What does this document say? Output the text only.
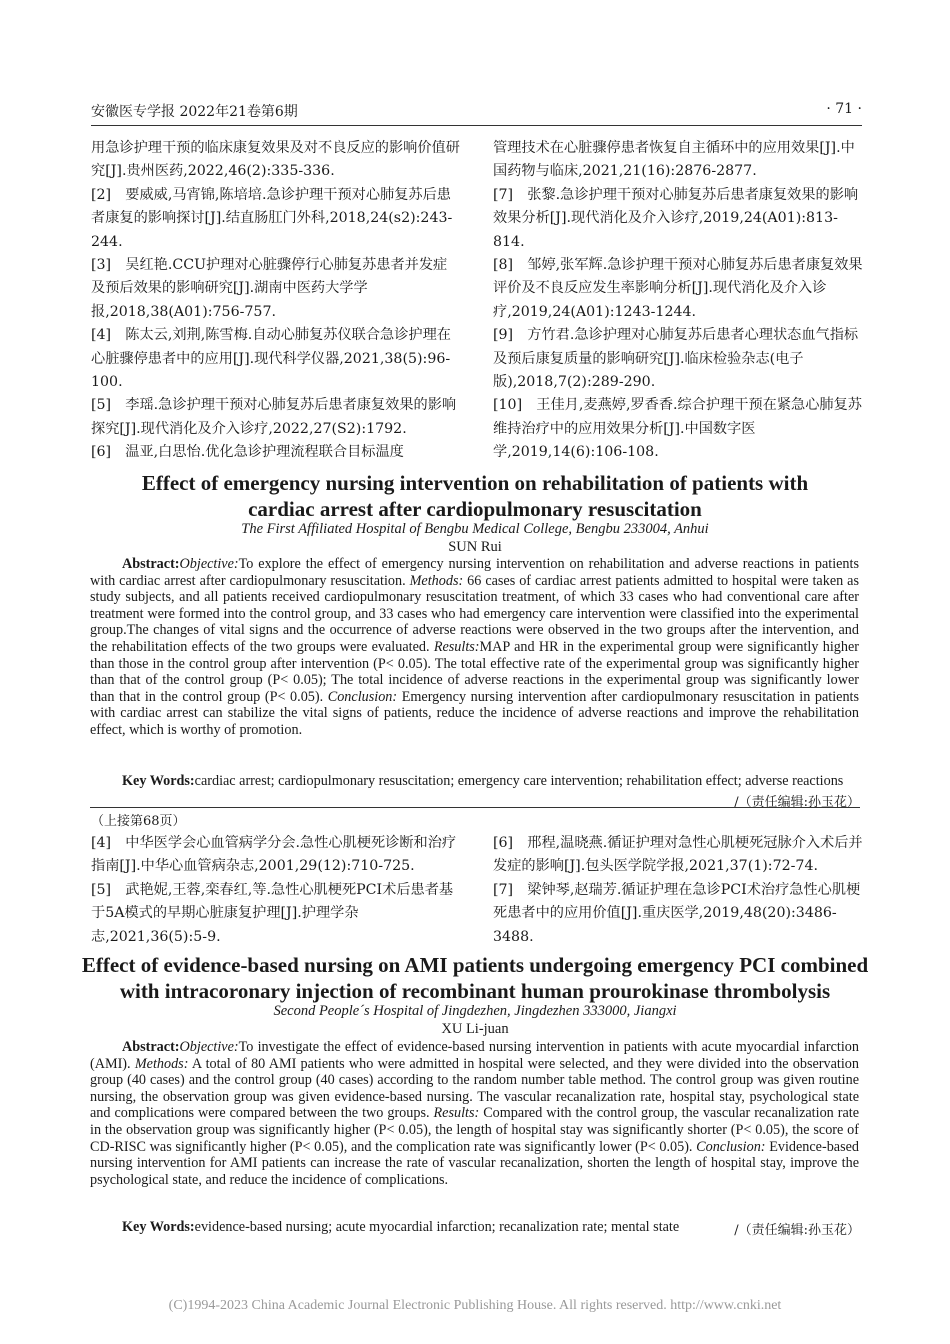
安徽医专学报 2022年21卷第6期	· 71 ·
用急诊护理干预的临床康复效果及对不良反应的影响价值研究[J].贵州医药,2022,46(2):335-336.
[2]　要威威,马宵锦,陈培培.急诊护理干预对心肺复苏后患者康复的影响探讨[J].结直肠肛门外科,2018,24(s2):243-244.
[3]　吴红艳.CCU护理对心脏骤停行心肺复苏患者并发症及预后效果的影响研究[J].湖南中医药大学学报,2018,38(A01):756-757.
[4]　陈太云,刘荆,陈雪梅.自动心肺复苏仪联合急诊护理在心脏骤停患者中的应用[J].现代科学仪器,2021,38(5):96-100.
[5]　李瑶.急诊护理干预对心肺复苏后患者康复效果的影响探究[J].现代消化及介入诊疗,2022,27(S2):1792.
[6]　温亚,白思怡.优化急诊护理流程联合目标温度
管理技术在心脏骤停患者恢复自主循环中的应用效果[J].中国药物与临床,2021,21(16):2876-2877.
[7]　张黎.急诊护理干预对心肺复苏后患者康复效果的影响效果分析[J].现代消化及介入诊疗,2019,24(A01):813-814.
[8]　邹婷,张军辉.急诊护理干预对心肺复苏后患者康复效果评价及不良反应发生率影响分析[J].现代消化及介入诊疗,2019,24(A01):1243-1244.
[9]　方竹君.急诊护理对心肺复苏后患者心理状态血气指标及预后康复质量的影响研究[J].临床检验杂志(电子版),2018,7(2):289-290.
[10]　王佳月,麦燕婷,罗香香.综合护理干预在紧急心肺复苏维持治疗中的应用效果分析[J].中国数字医学,2019,14(6):106-108.
Effect of emergency nursing intervention on rehabilitation of patients with
cardiac arrest after cardiopulmonary resuscitation
The First Affiliated Hospital of Bengbu Medical College, Bengbu 233004, Anhui
SUN Rui
Abstract:Objective:To explore the effect of emergency nursing intervention on rehabilitation and adverse reactions in patients with cardiac arrest after cardiopulmonary resuscitation. Methods: 66 cases of cardiac arrest patients admitted to hospital were taken as study subjects, and all patients received cardiopulmonary resuscitation treatment, of which 33 cases who had conventional care after treatment were formed into the control group, and 33 cases who had emergency care intervention were classified into the experimental group.The changes of vital signs and the occurrence of adverse reactions were observed in the two groups after the intervention, and the rehabilitation effects of the two groups were evaluated. Results:MAP and HR in the experimental group were significantly higher than those in the control group after intervention (P< 0.05). The total effective rate of the experimental group was significantly higher than that of the control group (P< 0.05); The total incidence of adverse reactions in the experimental group was significantly lower than that in the control group (P< 0.05). Conclusion: Emergency nursing intervention after cardiopulmonary resuscitation in patients with cardiac arrest can stabilize the vital signs of patients, reduce the incidence of adverse reactions and improve the rehabilitation effect, which is worthy of promotion.
Key Words:cardiac arrest; cardiopulmonary resuscitation; emergency care intervention; rehabilitation effect; adverse reactions
/（责任编辑:孙玉花）
（上接第68页）
[4]　中华医学会心血管病学分会.急性心肌梗死诊断和治疗指南[J].中华心血管病杂志,2001,29(12):710-725.
[5]　武艳妮,王蓉,栾春红,等.急性心肌梗死PCI术后患者基于5A模式的早期心脏康复护理[J].护理学杂志,2021,36(5):5-9.
[6]　邢程,温晓燕.循证护理对急性心肌梗死冠脉介入术后并发症的影响[J].包头医学院学报,2021,37(1):72-74.
[7]　梁钟琴,赵瑞芳.循证护理在急诊PCI术治疗急性心肌梗死患者中的应用价值[J].重庆医学,2019,48(20):3486-3488.
Effect of evidence-based nursing on AMI patients undergoing emergency PCI combined
with intracoronary injection of recombinant human prourokinase thrombolysis
Second People´s Hospital of Jingdezhen, Jingdezhen 333000, Jiangxi
XU Li-juan
Abstract:Objective:To investigate the effect of evidence-based nursing intervention in patients with acute myocardial infarction (AMI). Methods: A total of 80 AMI patients who were admitted in hospital were selected, and they were divided into the observation group (40 cases) and the control group (40 cases) according to the random number table method. The control group was given routine nursing, the observation group was given evidence-based nursing. The vascular recanalization rate, hospital stay, psychological state and complications were compared between the two groups. Results: Compared with the control group, the vascular recanalization rate in the observation group was significantly higher (P< 0.05), the length of hospital stay was significantly shorter (P< 0.05), the score of CD-RISC was significantly higher (P< 0.05), and the complication rate was significantly lower (P< 0.05). Conclusion: Evidence-based nursing intervention for AMI patients can increase the rate of vascular recanalization, shorten the length of hospital stay, improve the psychological state, and reduce the incidence of complications.
Key Words:evidence-based nursing; acute myocardial infarction; recanalization rate; mental state	/（责任编辑:孙玉花）
(C)1994-2023 China Academic Journal Electronic Publishing House. All rights reserved. http://www.cnki.net
